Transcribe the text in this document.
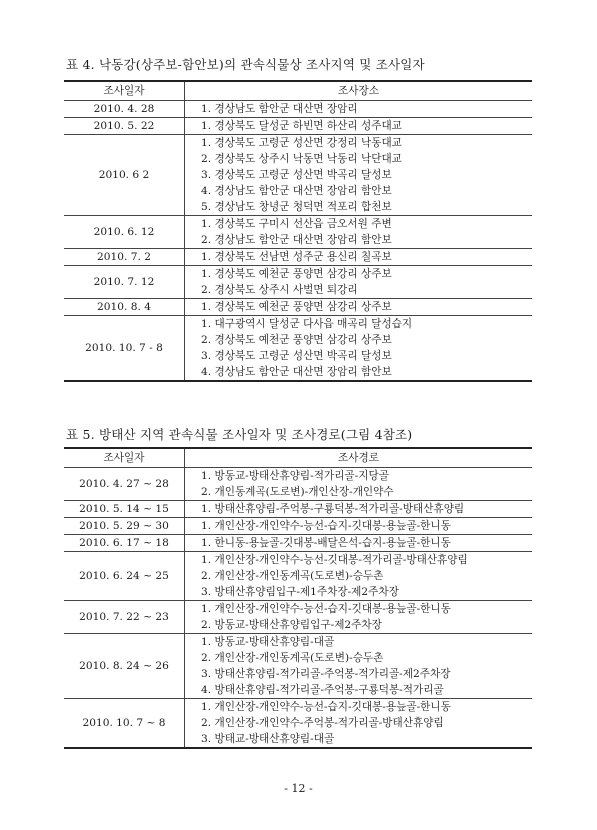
표 4. 낙동강(상주보-함안보)의 관속식물상 조사지역 및 조사일자
조사일자	조사장소
2010. 4. 28	1. 경상남도 함안군 대산면 장암리

2010. 5. 22	1. 경상북도 달성군 하빈면 하산리 성주대교

2010. 6 2	1. 경상북도 고령군 성산면 강정리 낙동대교
2. 경상북도 상주시 낙동면 낙동리 낙단대교
3. 경상북도 고령군 성산면 박곡리 달성보
4. 경상남도 함안군 대산면 장암리 함안보
5. 경상남도 창녕군 청덕면 적포리 합천보

2010. 6. 12	1. 경상북도 구미시 선산읍 금오서원 주변
2. 경상남도 함안군 대산면 장암리 함안보

2010. 7. 2	1. 경상북도 선남면 성주군 용신리 칠곡보

2010. 7. 12	1. 경상북도 예천군 풍양면 삼강리 상주보
2. 경상북도 상주시 사벌면 퇴강리

2010. 8. 4	1. 경상북도 예천군 풍양면 삼강리 상주보

2010. 10. 7 - 8	1. 대구광역시 달성군 다사읍 매곡리 달성습지
2. 경상북도 예천군 풍양면 삼강리 상주보
3. 경상북도 고령군 성산면 박곡리 달성보
4. 경상남도 함안군 대산면 장암리 함안보
표 5. 방태산 지역 관속식물 조사일자 및 조사경로(그림 4참조)
조사일자	조사경로
2010. 4. 27 ~ 28	1. 방동교-방태산휴양림-적가리골-지당골
2. 개인동계곡(도로변)-개인산장-개인약수

2010. 5. 14 ~ 15	1. 방태산휴양림-주억봉-구룡덕봉-적가리골-방태산휴양림

2010. 5. 29 ~ 30	1. 개인산장-개인약수-능선-습지-깃대봉-용늪골-한니동

2010. 6. 17 ~ 18	1. 한니동-용늪골-깃대봉-배달은석-습지-용늪골-한니동

2010. 6. 24 ~ 25	1. 개인산장-개인약수-능선-깃대봉-적가리골-방태산휴양림
2. 개인산장-개인동계곡(도로변)-승두촌
3. 방태산휴양림입구-제1주차장-제2주차장

2010. 7. 22 ~ 23	1. 개인산장-개인약수-능선-습지-깃대봉-용늪골-한니동
2. 방동교-방태산휴양림입구-제2주차장

2010. 8. 24 ~ 26	1. 방동교-방태산휴양림-대골
2. 개인산장-개인동계곡(도로변)-승두촌
3. 방태산휴양림-적가리골-주억봉-적가리골-제2주차장
4. 방태산휴양림-적가리골-주억봉-구룡덕봉-적가리골

2010. 10. 7 ~ 8	1. 개인산장-개인약수-능선-습지-깃대봉-용늪골-한니동
2. 개인산장-개인약수-주억봉-적가리골-방태산휴양림
3. 방태교-방태산휴양림-대골
- 12 -
